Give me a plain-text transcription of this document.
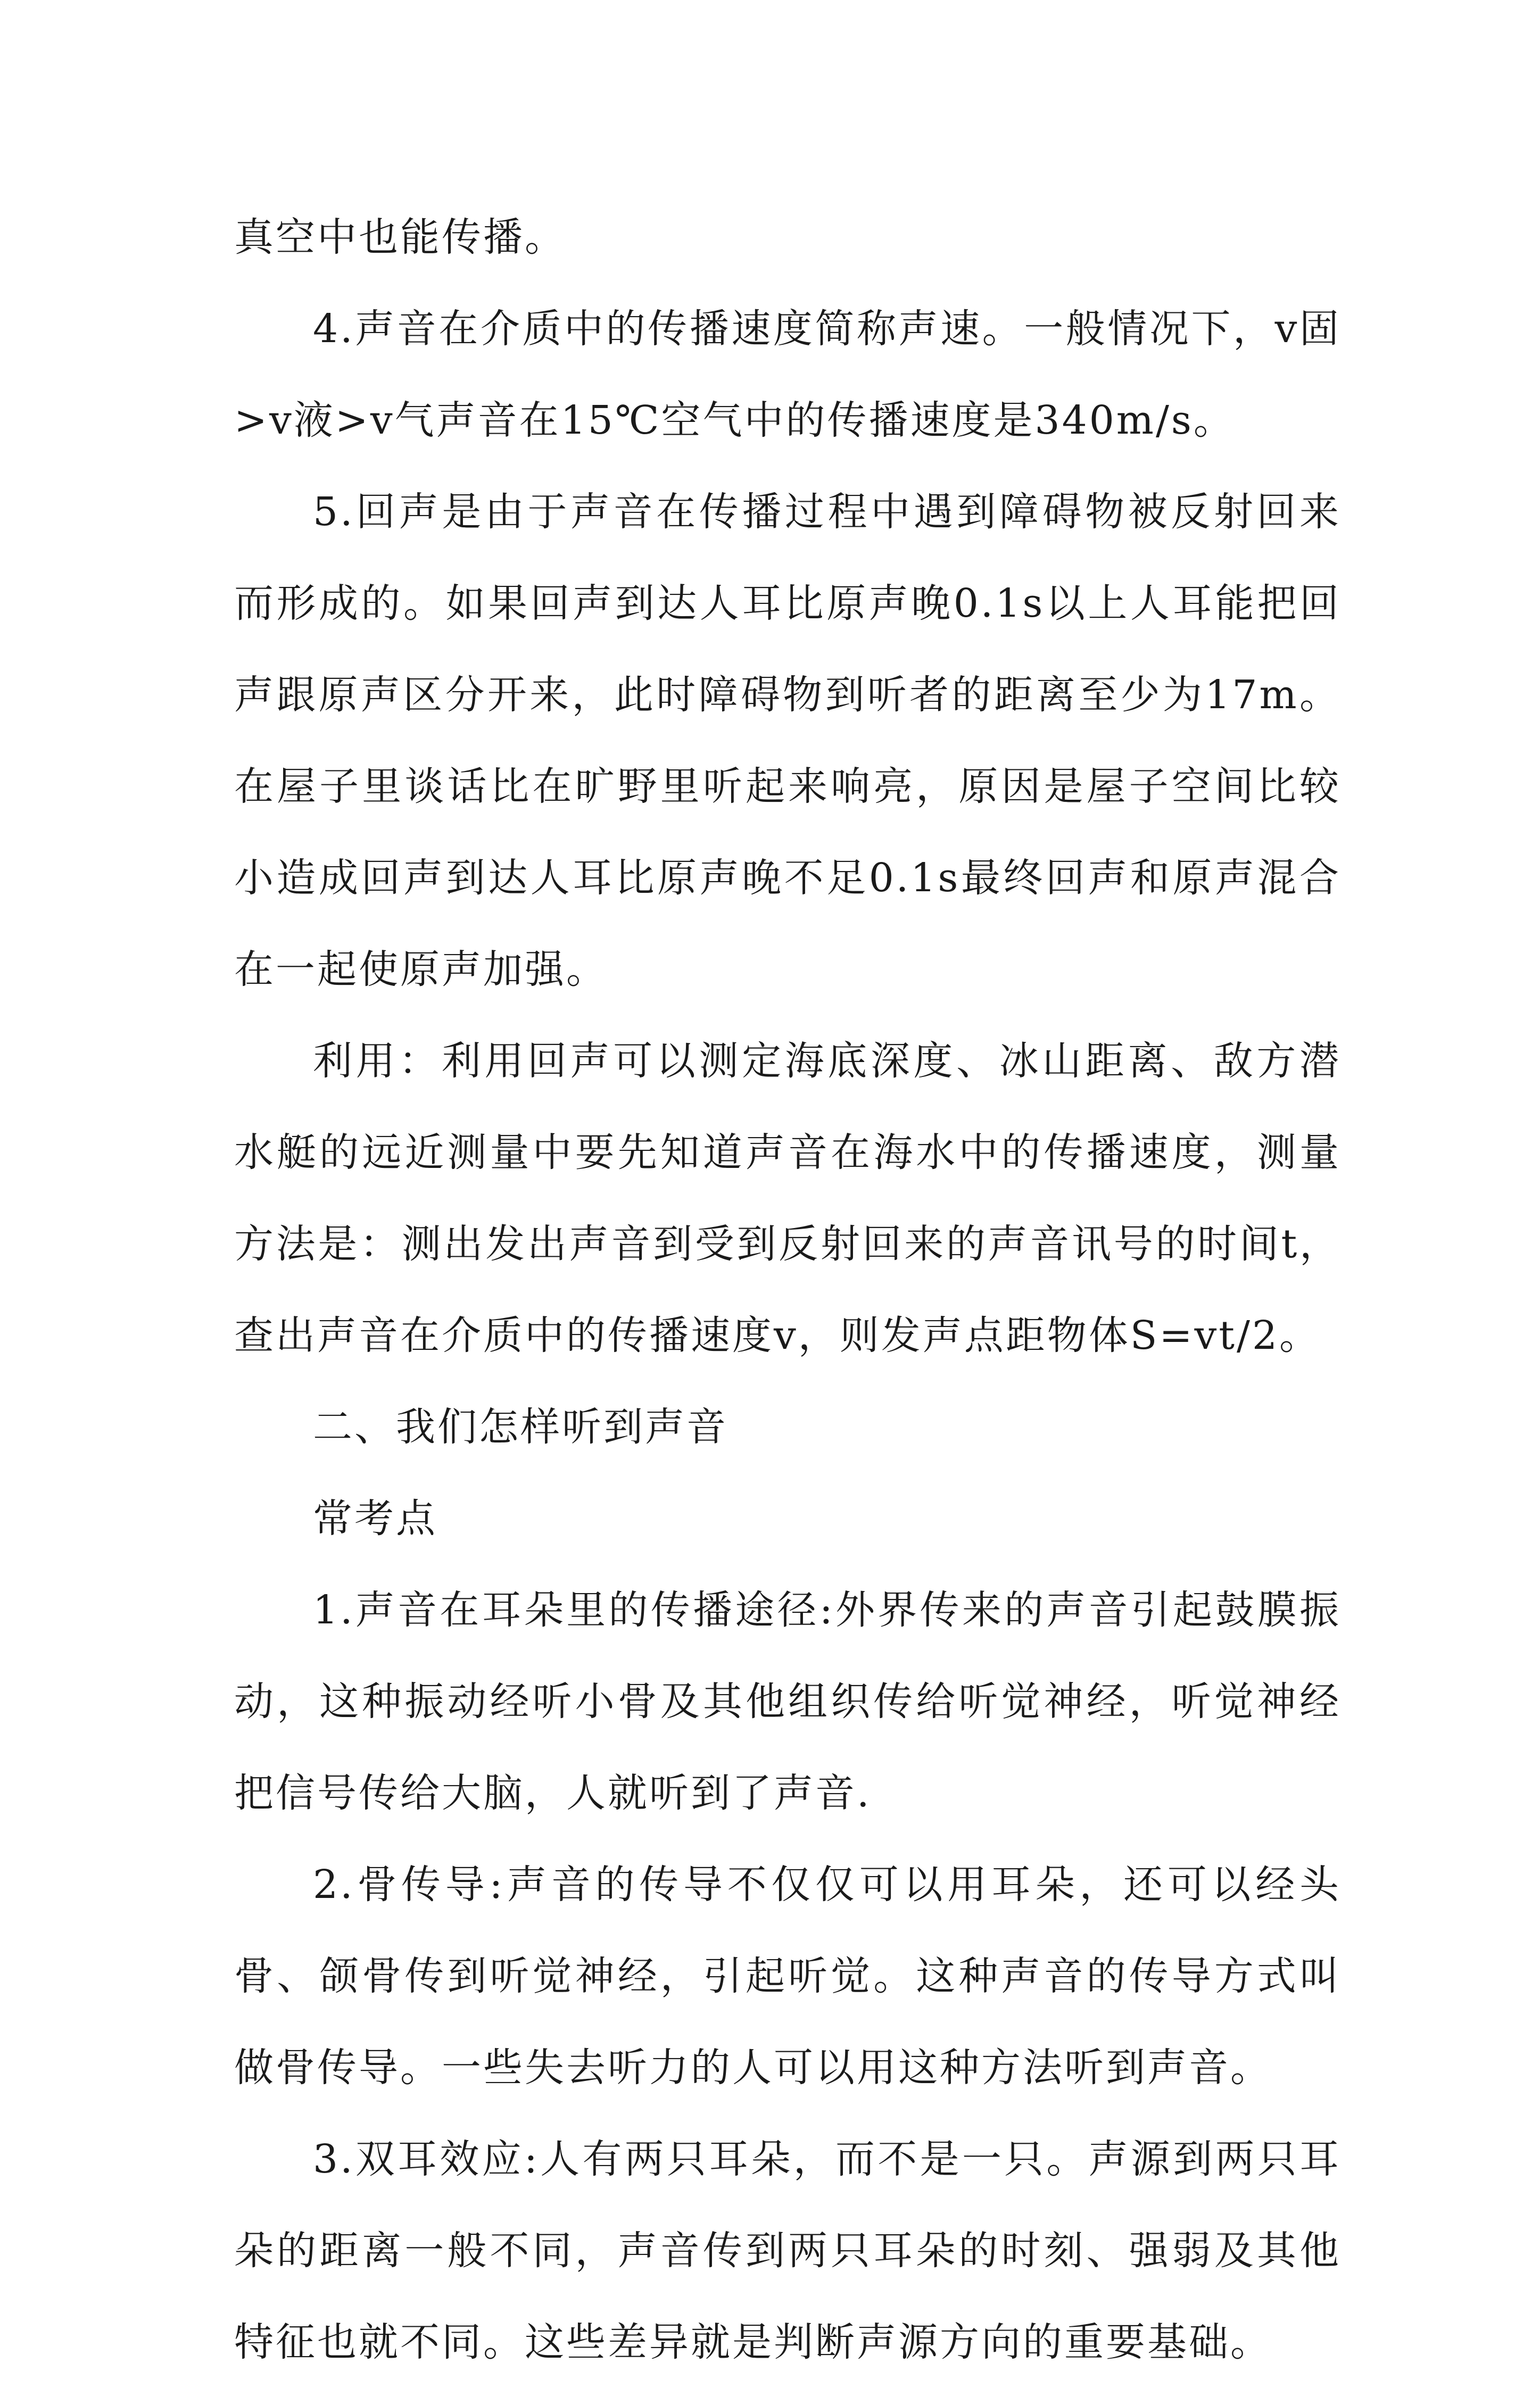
真空中也能传播。

4.声音在介质中的传播速度简称声速。一般情况下，v固>v液>v气声音在15℃空气中的传播速度是340m/s。

5.回声是由于声音在传播过程中遇到障碍物被反射回来而形成的。如果回声到达人耳比原声晚0.1s以上人耳能把回声跟原声区分开来，此时障碍物到听者的距离至少为17m。在屋子里谈话比在旷野里听起来响亮，原因是屋子空间比较小造成回声到达人耳比原声晚不足0.1s最终回声和原声混合在一起使原声加强。

利用：利用回声可以测定海底深度、冰山距离、敌方潜水艇的远近测量中要先知道声音在海水中的传播速度，测量方法是：测出发出声音到受到反射回来的声音讯号的时间t，查出声音在介质中的传播速度v，则发声点距物体S=vt/2。

二、我们怎样听到声音

常考点

1.声音在耳朵里的传播途径:外界传来的声音引起鼓膜振动，这种振动经听小骨及其他组织传给听觉神经，听觉神经把信号传给大脑，人就听到了声音.

2.骨传导:声音的传导不仅仅可以用耳朵，还可以经头骨、颌骨传到听觉神经，引起听觉。这种声音的传导方式叫做骨传导。一些失去听力的人可以用这种方法听到声音。

3.双耳效应:人有两只耳朵，而不是一只。声源到两只耳朵的距离一般不同，声音传到两只耳朵的时刻、强弱及其他特征也就不同。这些差异就是判断声源方向的重要基础。
